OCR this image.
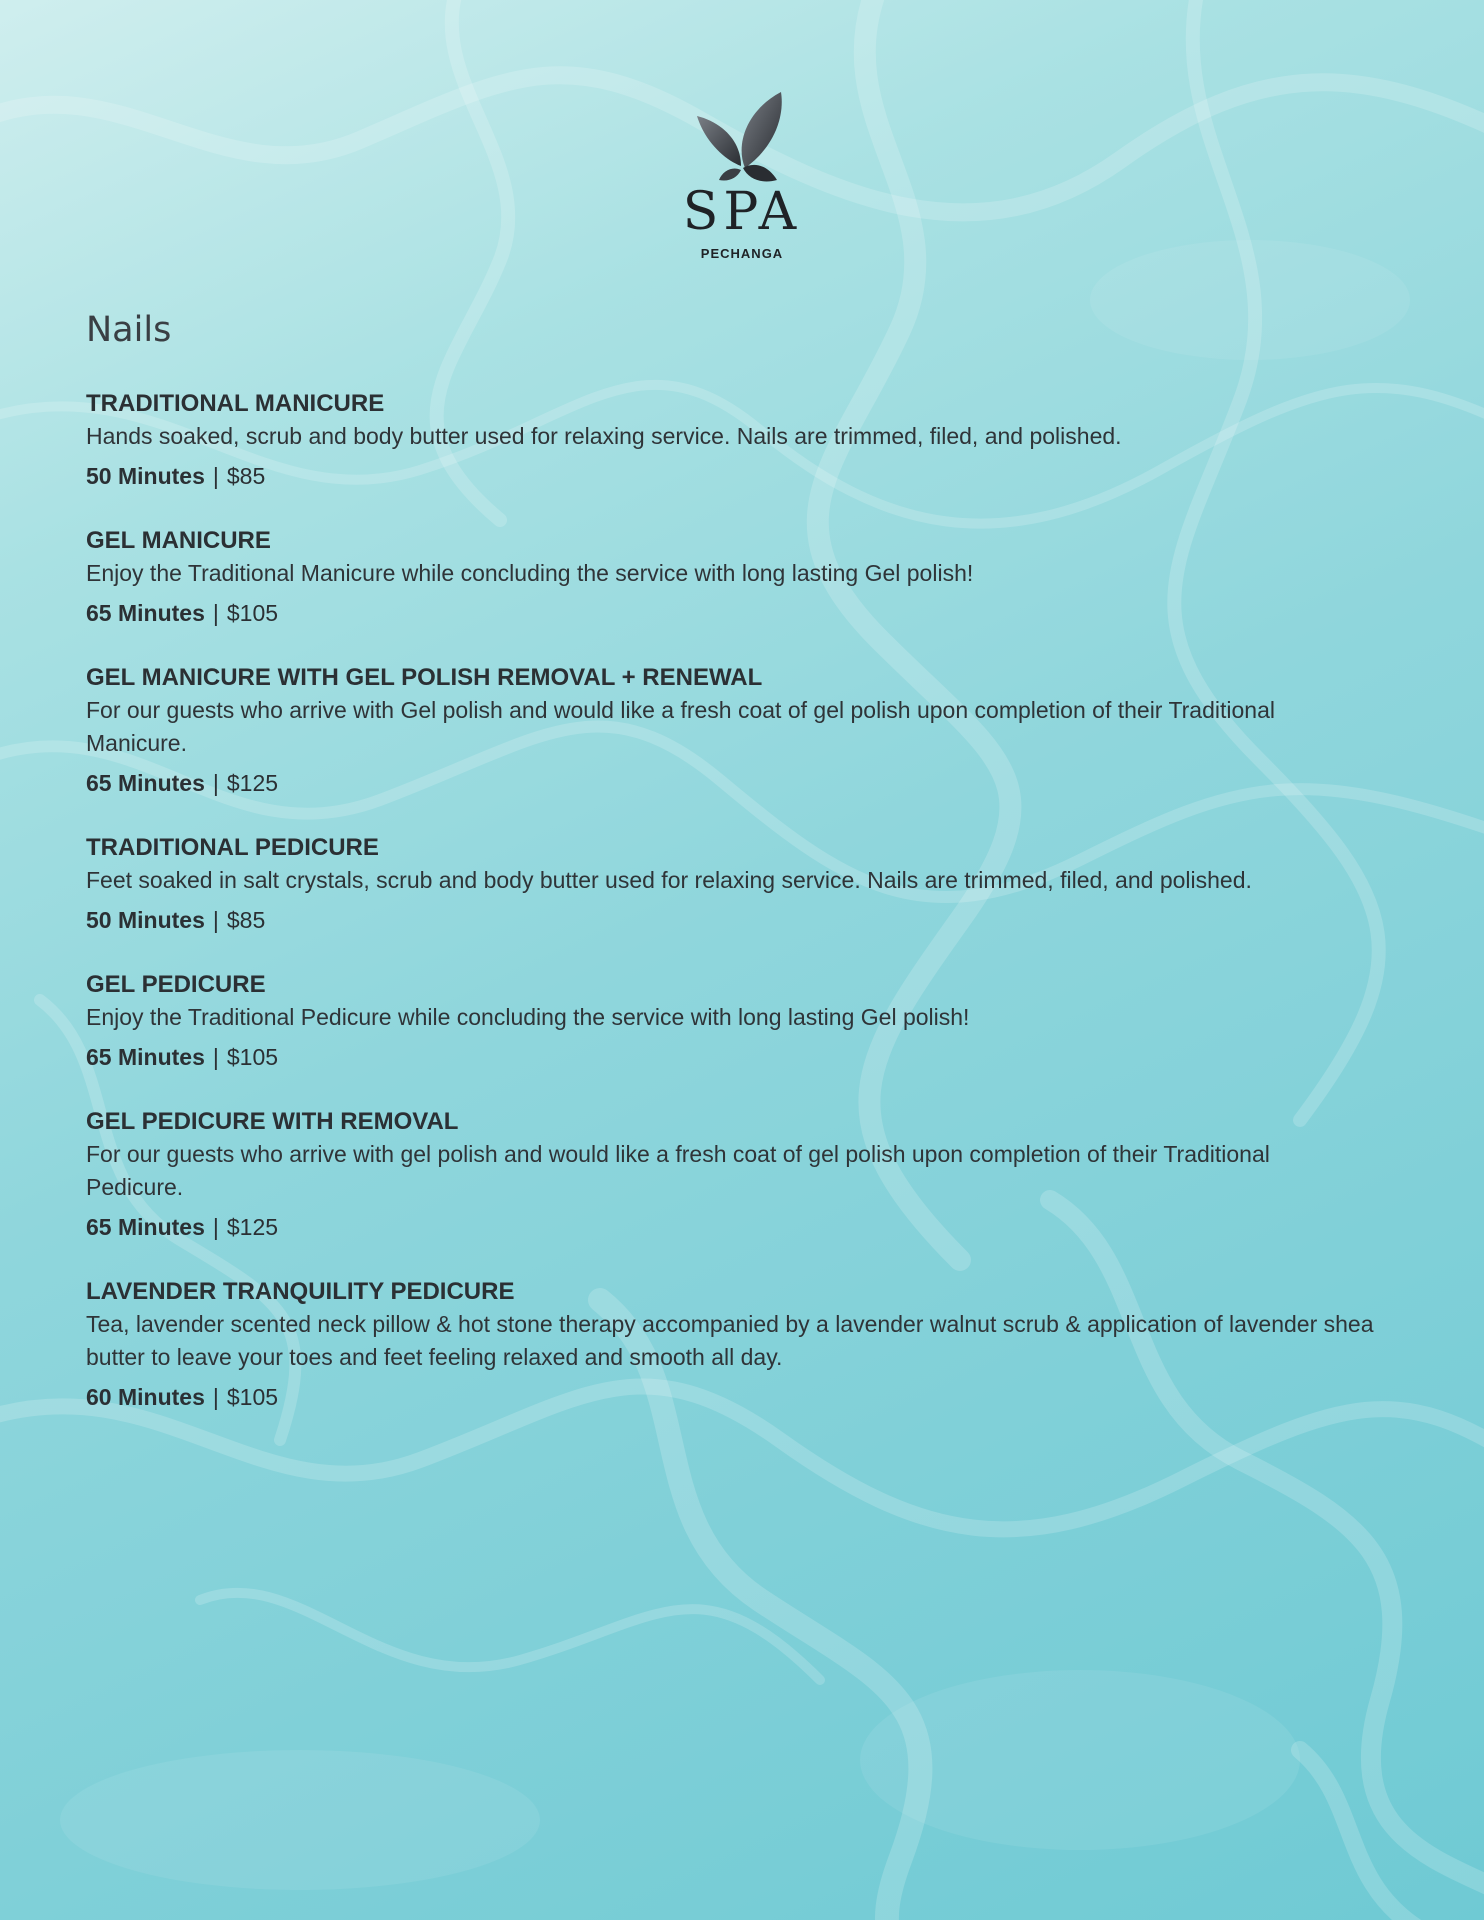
SPA
PECHANGA
Nails
TRADITIONAL MANICURE

Hands soaked, scrub and body butter used for relaxing service. Nails are trimmed, filed, and polished.

50 Minutes | $85
GEL MANICURE

Enjoy the Traditional Manicure while concluding the service with long lasting Gel polish!

65 Minutes | $105
GEL MANICURE WITH GEL POLISH REMOVAL + RENEWAL

For our guests who arrive with Gel polish and would like a fresh coat of gel polish upon completion of their Traditional Manicure.

65 Minutes | $125
TRADITIONAL PEDICURE

Feet soaked in salt crystals, scrub and body butter used for relaxing service. Nails are trimmed, filed, and polished.

50 Minutes | $85
GEL PEDICURE

Enjoy the Traditional Pedicure while concluding the service with long lasting Gel polish!

65 Minutes | $105
GEL PEDICURE WITH REMOVAL

For our guests who arrive with gel polish and would like a fresh coat of gel polish upon completion of their Traditional Pedicure.

65 Minutes | $125
LAVENDER TRANQUILITY PEDICURE

Tea, lavender scented neck pillow & hot stone therapy accompanied by a lavender walnut scrub & application of lavender shea butter to leave your toes and feet feeling relaxed and smooth all day.

60 Minutes | $105
